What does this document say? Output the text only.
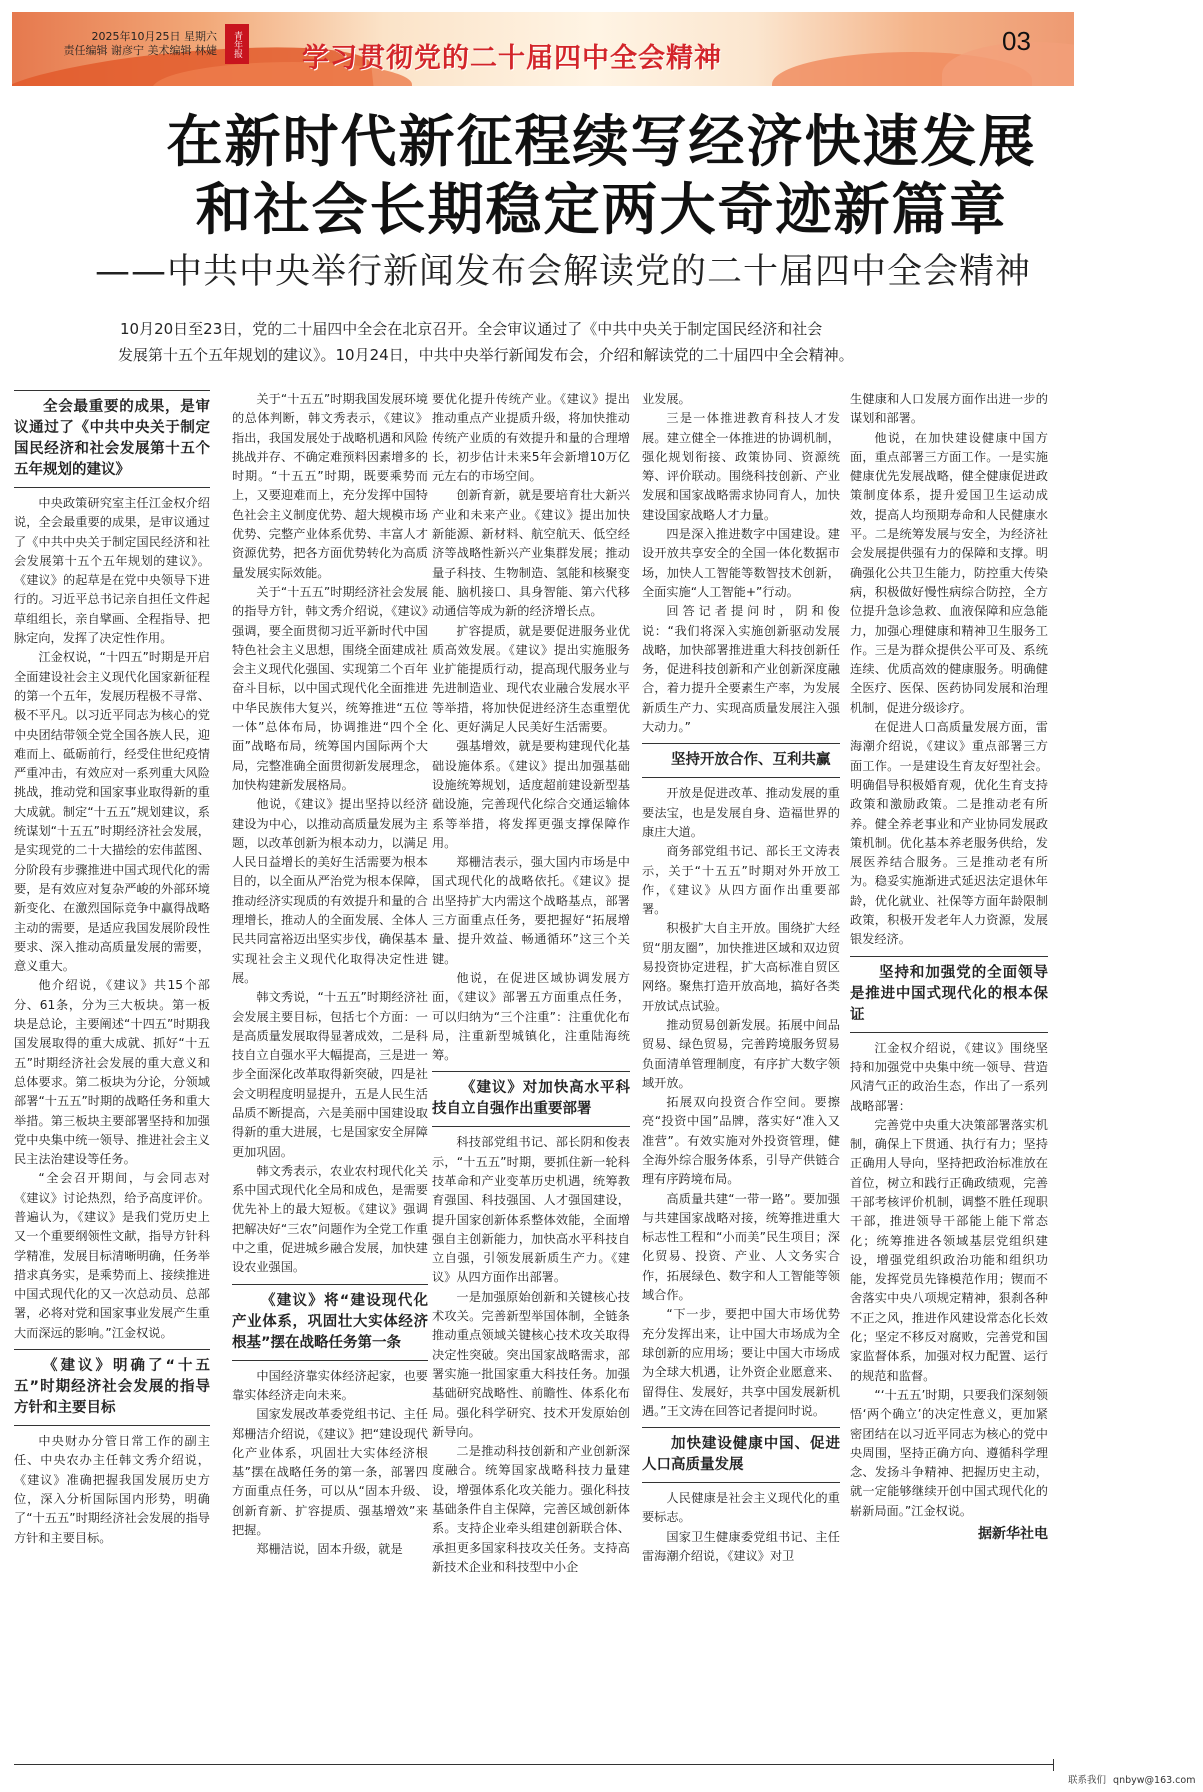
2025年10月25日 星期六
责任编辑 谢彦宁 美术编辑 林婕 青年报 学习贯彻党的二十届四中全会精神
03
在新时代新征程续写经济快速发展
和社会长期稳定两大奇迹新篇章
——中共中央举行新闻发布会解读党的二十届四中全会精神

10月20日至23日，党的二十届四中全会在北京召开。全会审议通过了《中共中央关于制定国民经济和社会

发展第十五个五年规划的建议》。10月24日，中共中央举行新闻发布会，介绍和解读党的二十届四中全会精神。

全会最重要的成果，是审议通过了《中共中央关于制定国民经济和社会发展第十五个五年规划的建议》

中央政策研究室主任江金权介绍说，全会最重要的成果，是审议通过了《中共中央关于制定国民经济和社会发展第十五个五年规划的建议》。《建议》的起草是在党中央领导下进行的。习近平总书记亲自担任文件起草组组长，亲自擘画、全程指导、把脉定向，发挥了决定性作用。

江金权说，“十四五”时期是开启全面建设社会主义现代化国家新征程的第一个五年，发展历程极不寻常、极不平凡。以习近平同志为核心的党中央团结带领全党全国各族人民，迎难而上、砥砺前行，经受住世纪疫情严重冲击，有效应对一系列重大风险挑战，推动党和国家事业取得新的重大成就。制定“十五五”规划建议，系统谋划“十五五”时期经济社会发展，是实现党的二十大描绘的宏伟蓝图、分阶段有步骤推进中国式现代化的需要，是有效应对复杂严峻的外部环境新变化、在激烈国际竞争中赢得战略主动的需要，是适应我国发展阶段性要求、深入推动高质量发展的需要，意义重大。

他介绍说，《建议》共15个部分、61条，分为三大板块。第一板块是总论，主要阐述“十四五”时期我国发展取得的重大成就、抓好“十五五”时期经济社会发展的重大意义和总体要求。第二板块为分论，分领域部署“十五五”时期的战略任务和重大举措。第三板块主要部署坚持和加强党中央集中统一领导、推进社会主义民主法治建设等任务。

“全会召开期间，与会同志对《建议》讨论热烈，给予高度评价。普遍认为，《建议》是我们党历史上又一个重要纲领性文献，指导方针科学精准，发展目标清晰明确，任务举措求真务实，是乘势而上、接续推进中国式现代化的又一次总动员、总部署，必将对党和国家事业发展产生重大而深远的影响。”江金权说。

《建议》明确了“十五五”时期经济社会发展的指导方针和主要目标

中央财办分管日常工作的副主任、中央农办主任韩文秀介绍说，《建议》准确把握我国发展历史方位，深入分析国际国内形势，明确了“十五五”时期经济社会发展的指导方针和主要目标。

关于“十五五”时期我国发展环境的总体判断，韩文秀表示，《建议》指出，我国发展处于战略机遇和风险挑战并存、不确定难预料因素增多的时期。“十五五”时期，既要乘势而上，又要迎难而上，充分发挥中国特色社会主义制度优势、超大规模市场优势、完整产业体系优势、丰富人才资源优势，把各方面优势转化为高质量发展实际效能。

关于“十五五”时期经济社会发展的指导方针，韩文秀介绍说，《建议》强调，要全面贯彻习近平新时代中国特色社会主义思想，围绕全面建成社会主义现代化强国、实现第二个百年奋斗目标，以中国式现代化全面推进中华民族伟大复兴，统筹推进“五位一体”总体布局，协调推进“四个全面”战略布局，统筹国内国际两个大局，完整准确全面贯彻新发展理念，加快构建新发展格局。

他说，《建议》提出坚持以经济建设为中心，以推动高质量发展为主题，以改革创新为根本动力，以满足人民日益增长的美好生活需要为根本目的，以全面从严治党为根本保障，推动经济实现质的有效提升和量的合理增长，推动人的全面发展、全体人民共同富裕迈出坚实步伐，确保基本实现社会主义现代化取得决定性进展。

韩文秀说，“十五五”时期经济社会发展主要目标，包括七个方面：一是高质量发展取得显著成效，二是科技自立自强水平大幅提高，三是进一步全面深化改革取得新突破，四是社会文明程度明显提升，五是人民生活品质不断提高，六是美丽中国建设取得新的重大进展，七是国家安全屏障更加巩固。

韩文秀表示，农业农村现代化关系中国式现代化全局和成色，是需要优先补上的最大短板。《建议》强调把解决好“三农”问题作为全党工作重中之重，促进城乡融合发展，加快建设农业强国。

《建议》将“建设现代化产业体系，巩固壮大实体经济根基”摆在战略任务第一条

中国经济靠实体经济起家，也要靠实体经济走向未来。

国家发展改革委党组书记、主任郑栅洁介绍说，《建议》把“建设现代化产业体系，巩固壮大实体经济根基”摆在战略任务的第一条，部署四方面重点任务，可以从“固本升级、创新育新、扩容提质、强基增效”来把握。

郑栅洁说，固本升级，就是

要优化提升传统产业。《建议》提出推动重点产业提质升级，将加快推动传统产业质的有效提升和量的合理增长，初步估计未来5年会新增10万亿元左右的市场空间。

创新育新，就是要培育壮大新兴产业和未来产业。《建议》提出加快新能源、新材料、航空航天、低空经济等战略性新兴产业集群发展；推动量子科技、生物制造、氢能和核聚变能、脑机接口、具身智能、第六代移动通信等成为新的经济增长点。

扩容提质，就是要促进服务业优质高效发展。《建议》提出实施服务业扩能提质行动，提高现代服务业与先进制造业、现代农业融合发展水平等举措，将加快促进经济生态重塑优化、更好满足人民美好生活需要。

强基增效，就是要构建现代化基础设施体系。《建议》提出加强基础设施统筹规划，适度超前建设新型基础设施，完善现代化综合交通运输体系等举措，将发挥更强支撑保障作用。

郑栅洁表示，强大国内市场是中国式现代化的战略依托。《建议》提出坚持扩大内需这个战略基点，部署三方面重点任务，要把握好“拓展增量、提升效益、畅通循环”这三个关键。

他说，在促进区域协调发展方面，《建议》部署五方面重点任务，可以归纳为“三个注重”：注重优化布局，注重新型城镇化，注重陆海统筹。

《建议》对加快高水平科技自立自强作出重要部署

科技部党组书记、部长阴和俊表示，“十五五”时期，要抓住新一轮科技革命和产业变革历史机遇，统筹教育强国、科技强国、人才强国建设，提升国家创新体系整体效能，全面增强自主创新能力，加快高水平科技自立自强，引领发展新质生产力。《建议》从四方面作出部署。

一是加强原始创新和关键核心技术攻关。完善新型举国体制，全链条推动重点领域关键核心技术攻关取得决定性突破。突出国家战略需求，部署实施一批国家重大科技任务。加强基础研究战略性、前瞻性、体系化布局。强化科学研究、技术开发原始创新导向。

二是推动科技创新和产业创新深度融合。统筹国家战略科技力量建设，增强体系化攻关能力。强化科技基础条件自主保障，完善区域创新体系。支持企业牵头组建创新联合体、承担更多国家科技攻关任务。支持高新技术企业和科技型中小企

业发展。

三是一体推进教育科技人才发展。建立健全一体推进的协调机制，强化规划衔接、政策协同、资源统筹、评价联动。围绕科技创新、产业发展和国家战略需求协同育人，加快建设国家战略人才力量。

四是深入推进数字中国建设。建设开放共享安全的全国一体化数据市场，加快人工智能等数智技术创新，全面实施“人工智能+”行动。

回答记者提问时，阴和俊说：“我们将深入实施创新驱动发展战略，加快部署推进重大科技创新任务，促进科技创新和产业创新深度融合，着力提升全要素生产率，为发展新质生产力、实现高质量发展注入强大动力。”

坚持开放合作、互利共赢

开放是促进改革、推动发展的重要法宝，也是发展自身、造福世界的康庄大道。

商务部党组书记、部长王文涛表示，关于“十五五”时期对外开放工作，《建议》从四方面作出重要部署。

积极扩大自主开放。围绕扩大经贸“朋友圈”，加快推进区域和双边贸易投资协定进程，扩大高标准自贸区网络。聚焦打造开放高地，搞好各类开放试点试验。

推动贸易创新发展。拓展中间品贸易、绿色贸易，完善跨境服务贸易负面清单管理制度，有序扩大数字领域开放。

拓展双向投资合作空间。要擦亮“投资中国”品牌，落实好“准入又准营”。有效实施对外投资管理，健全海外综合服务体系，引导产供链合理有序跨境布局。

高质量共建“一带一路”。要加强与共建国家战略对接，统筹推进重大标志性工程和“小而美”民生项目；深化贸易、投资、产业、人文务实合作，拓展绿色、数字和人工智能等领域合作。

“下一步，要把中国大市场优势充分发挥出来，让中国大市场成为全球创新的应用场；要让中国大市场成为全球大机遇，让外资企业愿意来、留得住、发展好，共享中国发展新机遇。”王文涛在回答记者提问时说。

加快建设健康中国、促进人口高质量发展

人民健康是社会主义现代化的重要标志。

国家卫生健康委党组书记、主任雷海潮介绍说，《建议》对卫

生健康和人口发展方面作出进一步的谋划和部署。

他说，在加快建设健康中国方面，重点部署三方面工作。一是实施健康优先发展战略，健全健康促进政策制度体系，提升爱国卫生运动成效，提高人均预期寿命和人民健康水平。二是统筹发展与安全，为经济社会发展提供强有力的保障和支撑。明确强化公共卫生能力，防控重大传染病，积极做好慢性病综合防控，全方位提升急诊急救、血液保障和应急能力，加强心理健康和精神卫生服务工作。三是为群众提供公平可及、系统连续、优质高效的健康服务。明确健全医疗、医保、医药协同发展和治理机制，促进分级诊疗。

在促进人口高质量发展方面，雷海潮介绍说，《建议》重点部署三方面工作。一是建设生育友好型社会。明确倡导积极婚育观，优化生育支持政策和激励政策。二是推动老有所养。健全养老事业和产业协同发展政策机制。优化基本养老服务供给，发展医养结合服务。三是推动老有所为。稳妥实施渐进式延迟法定退休年龄，优化就业、社保等方面年龄限制政策，积极开发老年人力资源，发展银发经济。

坚持和加强党的全面领导是推进中国式现代化的根本保证

江金权介绍说，《建议》围绕坚持和加强党中央集中统一领导、营造风清气正的政治生态，作出了一系列战略部署：

完善党中央重大决策部署落实机制，确保上下贯通、执行有力；坚持正确用人导向，坚持把政治标准放在首位，树立和践行正确政绩观，完善干部考核评价机制，调整不胜任现职干部，推进领导干部能上能下常态化；统筹推进各领域基层党组织建设，增强党组织政治功能和组织功能，发挥党员先锋模范作用；锲而不舍落实中央八项规定精神，狠刹各种不正之风，推进作风建设常态化长效化；坚定不移反对腐败，完善党和国家监督体系，加强对权力配置、运行的规范和监督。

“‘十五五’时期，只要我们深刻领悟‘两个确立’的决定性意义，更加紧密团结在以习近平同志为核心的党中央周围，坚持正确方向、遵循科学理念、发扬斗争精神、把握历史主动，就一定能够继续开创中国式现代化的崭新局面。”江金权说。

据新华社电

联系我们 qnbyw@163.com
